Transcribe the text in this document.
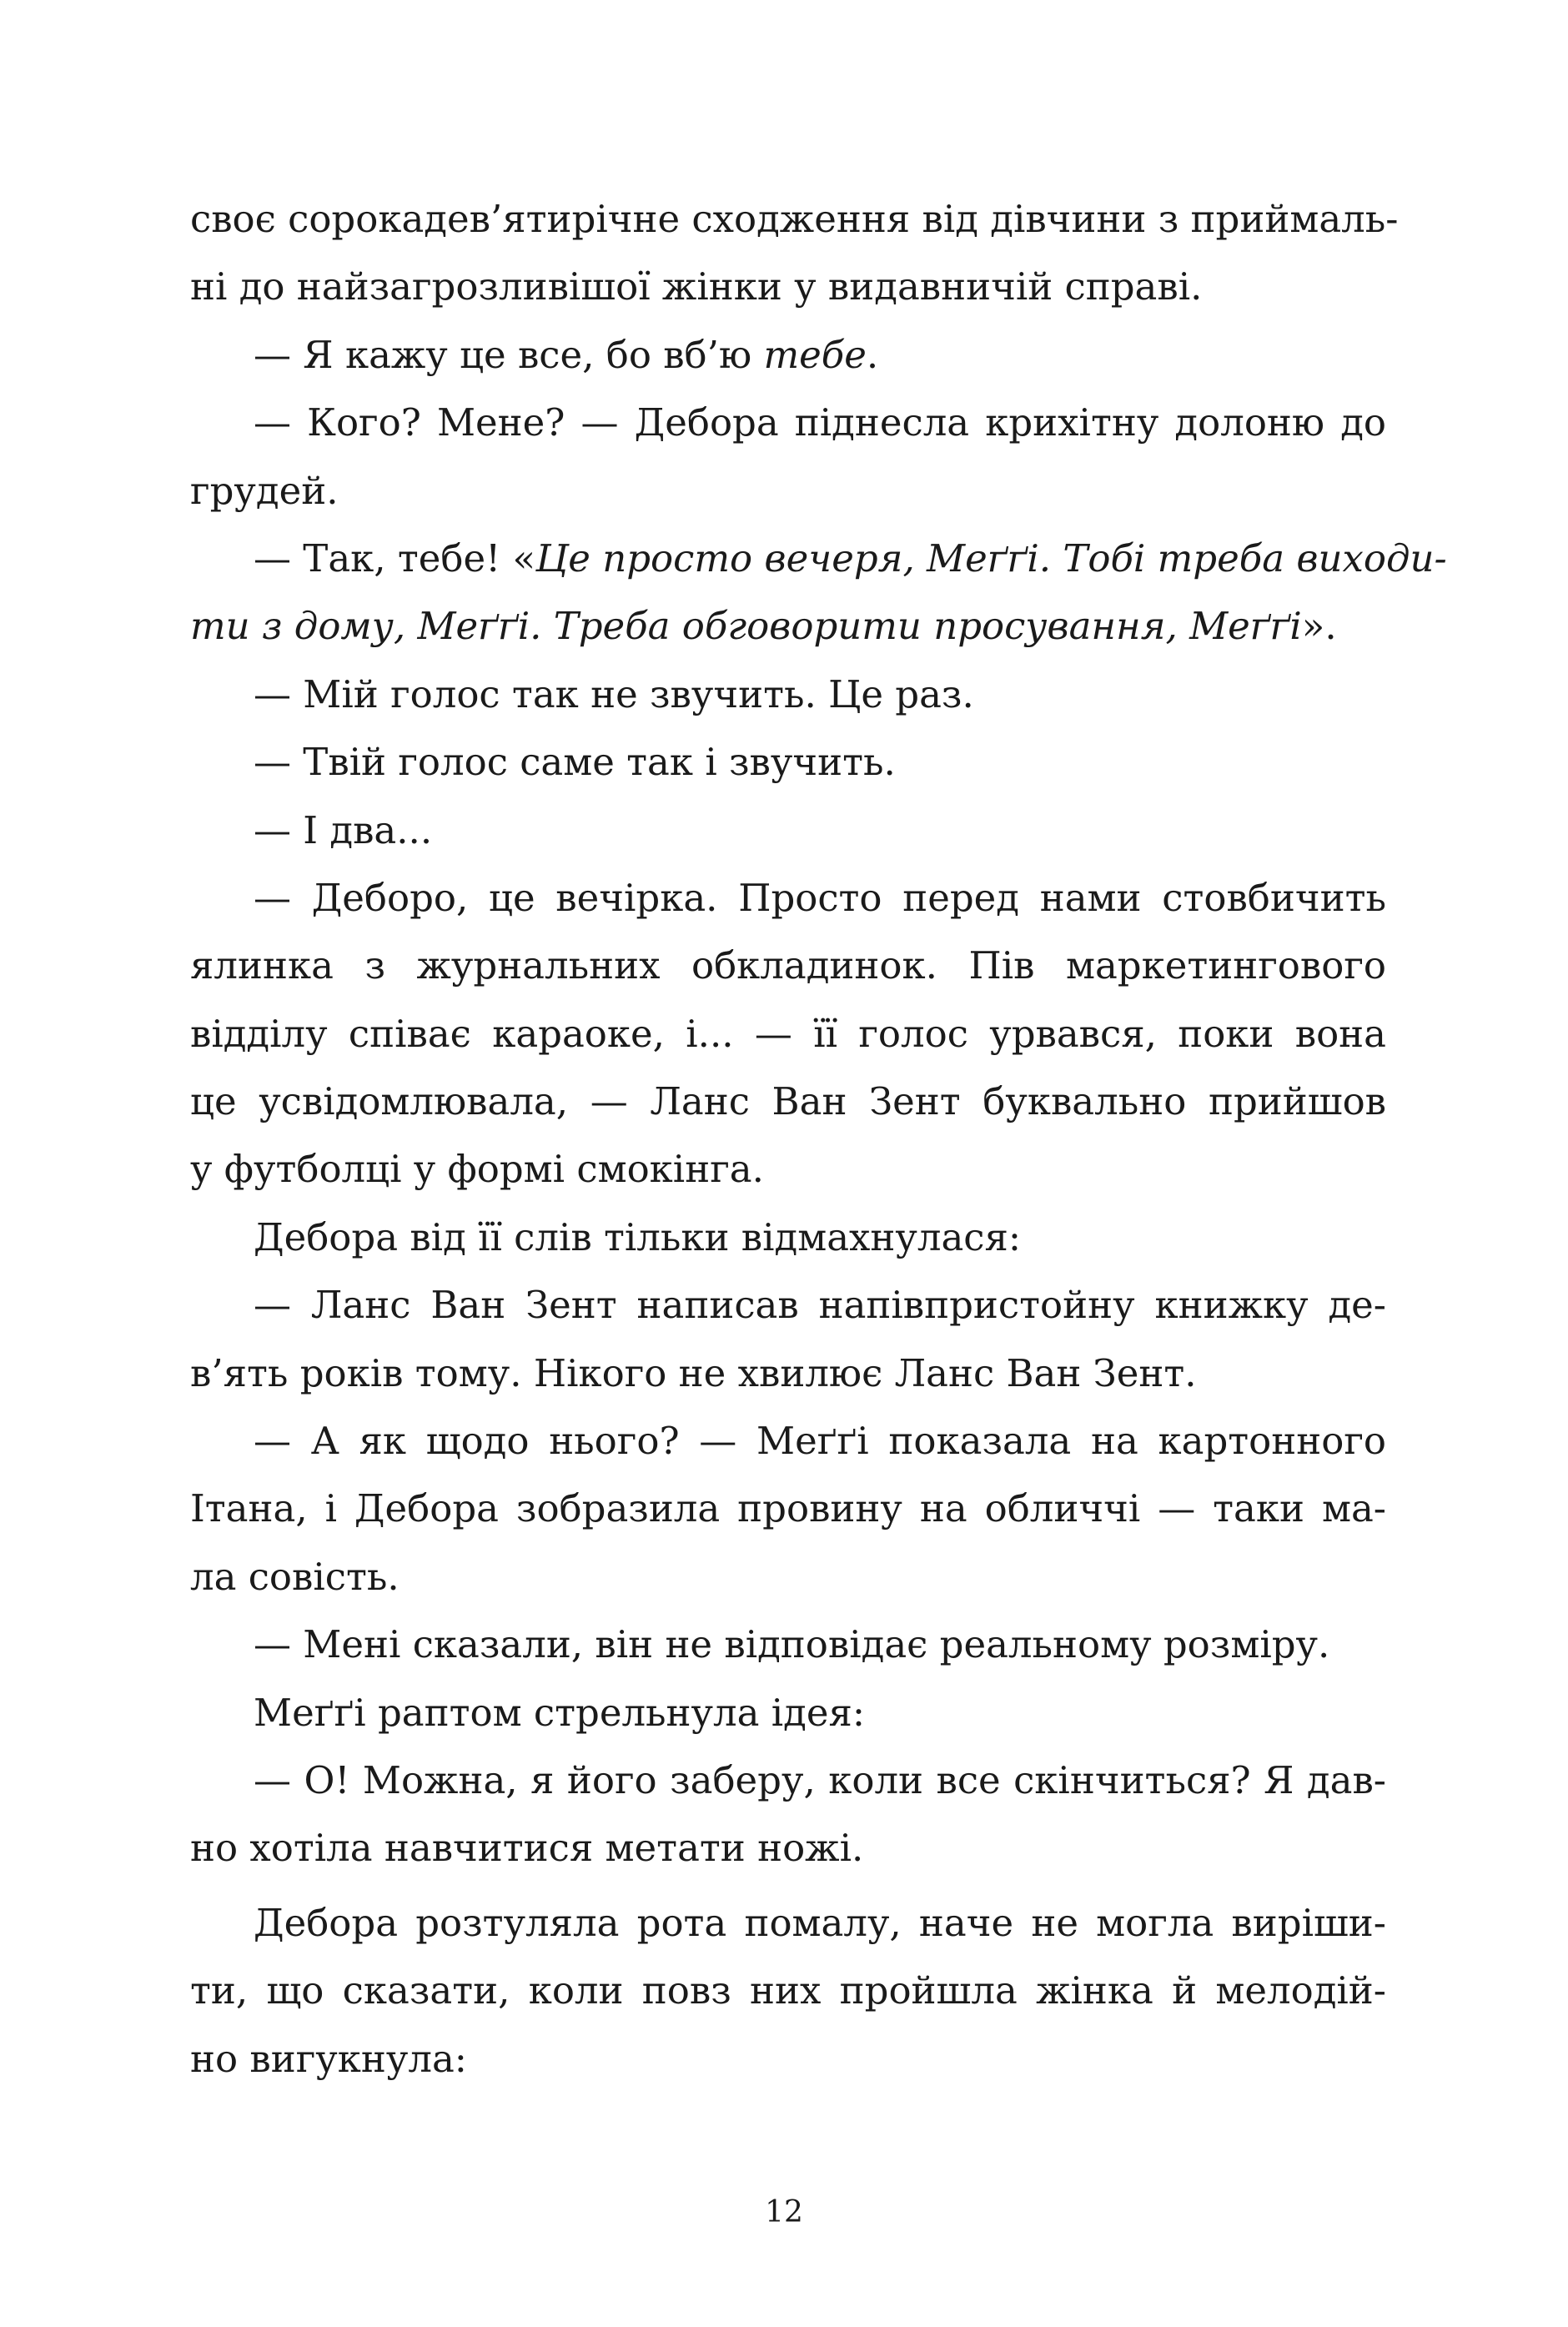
своє сорокадев’ятирічне сходження від дівчини з приймаль-
ні до найзагрозливішої жінки у видавничій справі.
— Я кажу це все, бо вб’ю тебе.
— Кого? Мене? — Дебора піднесла крихітну долоню до
грудей.
— Так, тебе! «Це просто вечеря, Меґґі. Тобі треба виходи-
ти з дому, Меґґі. Треба обговорити просування, Меґґі».
— Мій голос так не звучить. Це раз.
— Твій голос саме так і звучить.
— І два...
— Деборо, це вечірка. Просто перед нами стовбичить
ялинка з журнальних обкладинок. Пів маркетингового
відділу співає караоке, і... — її голос урвався, поки вона
це усвідомлювала, — Ланс Ван Зент буквально прийшов
у футболці у формі смокінга.
Дебора від її слів тільки відмахнулася:
— Ланс Ван Зент написав напівпристойну книжку де-
в’ять років тому. Нікого не хвилює Ланс Ван Зент.
— А як щодо нього? — Меґґі показала на картонного
Ітана, і Дебора зобразила провину на обличчі — таки ма-
ла совість.
— Мені сказали, він не відповідає реальному розміру.
Меґґі раптом стрельнула ідея:
— О! Можна, я його заберу, коли все скінчиться? Я дав-
но хотіла навчитися метати ножі.
Дебора розтуляла рота помалу, наче не могла виріши-
ти, що сказати, коли повз них пройшла жінка й мелодій-
но вигукнула:
12
